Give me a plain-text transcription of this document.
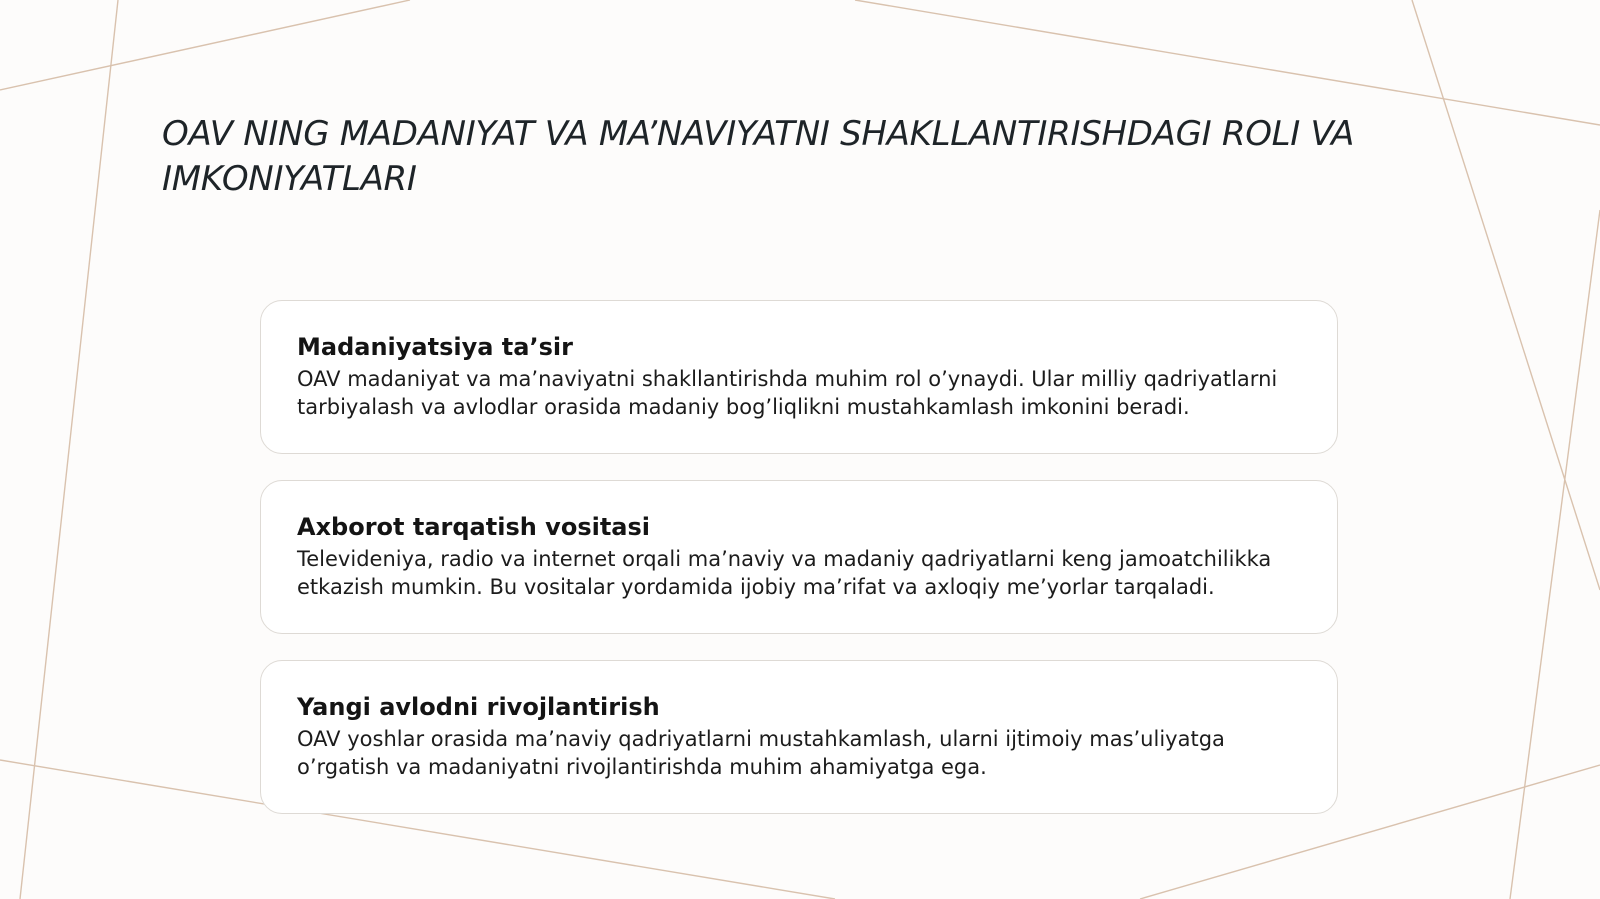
OAV NING MADANIYAT VA MA’NAVIYATNI SHAKLLANTIRISHDAGI ROLI VA IMKONIYATLARI
Madaniyatsiya ta’sir

OAV madaniyat va ma’naviyatni shakllantirishda muhim rol o’ynaydi. Ular milliy qadriyatlarni tarbiyalash va avlodlar orasida madaniy bog’liqlikni mustahkamlash imkonini beradi.

Axborot tarqatish vositasi

Televideniya, radio va internet orqali ma’naviy va madaniy qadriyatlarni keng jamoatchilikka etkazish mumkin. Bu vositalar yordamida ijobiy ma’rifat va axloqiy me’yorlar tarqaladi.

Yangi avlodni rivojlantirish

OAV yoshlar orasida ma’naviy qadriyatlarni mustahkamlash, ularni ijtimoiy mas’uliyatga o’rgatish va madaniyatni rivojlantirishda muhim ahamiyatga ega.
